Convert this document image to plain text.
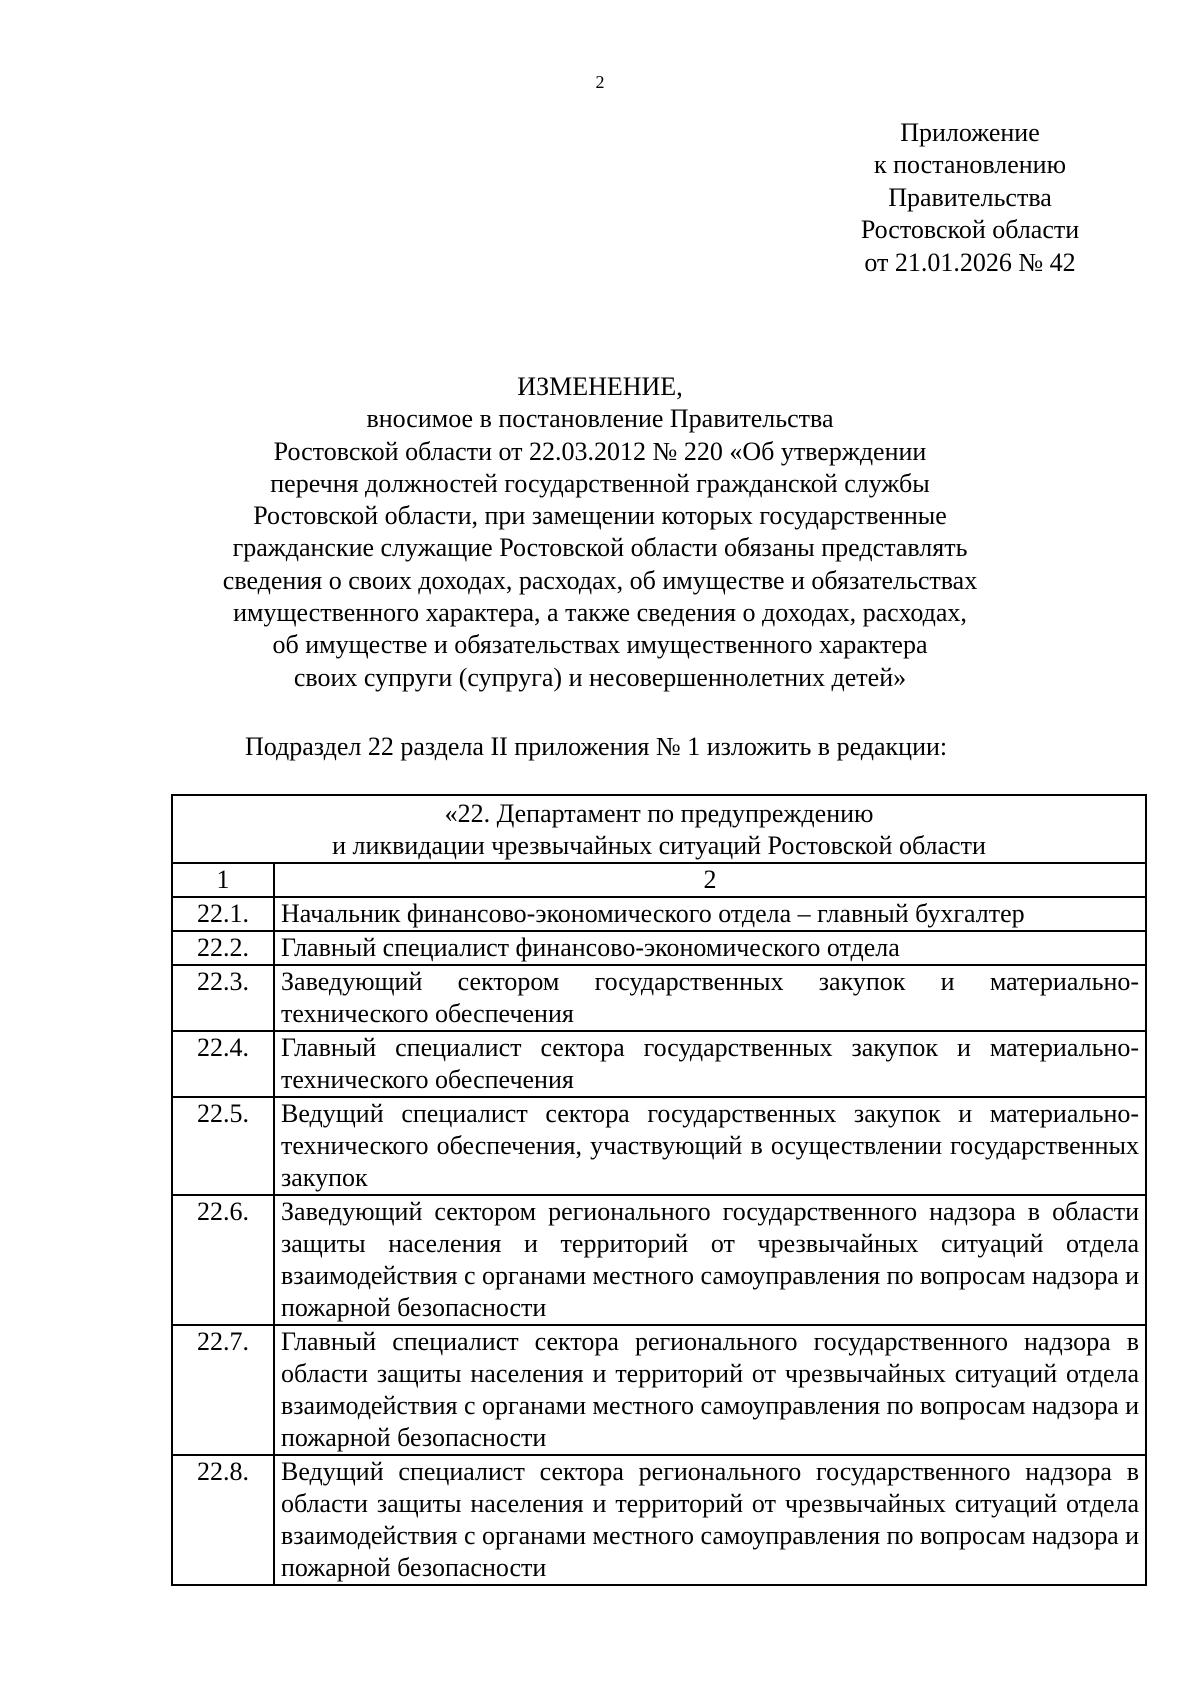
2
Приложение
к постановлению
Правительства
Ростовской области
от 21.01.2026 № 42
ИЗМЕНЕНИЕ,
вносимое в постановление Правительства
Ростовской области от 22.03.2012 № 220 «Об утверждении
перечня должностей государственной гражданской службы
Ростовской области, при замещении которых государственные
гражданские служащие Ростовской области обязаны представлять
сведения о своих доходах, расходах, об имуществе и обязательствах
имущественного характера, а также сведения о доходах, расходах,
об имуществе и обязательствах имущественного характера
своих супруги (супруга) и несовершеннолетних детей»
Подраздел 22 раздела II приложения № 1 изложить в редакции:
«22. Департамент по предупреждению
и ликвидации чрезвычайных ситуаций Ростовской области	

1	2
22.1.	Начальник финансово-экономического отдела – главный бухгалтер
22.2.	Главный специалист финансово-экономического отдела
22.3.	Заведующий сектором государственных закупок и материально-технического обеспечения
22.4.	Главный специалист сектора государственных закупок и материально-технического обеспечения
22.5.	Ведущий специалист сектора государственных закупок и материально-технического обеспечения, участвующий в осуществлении государственных закупок
22.6.	Заведующий сектором регионального государственного надзора в области защиты населения и территорий от чрезвычайных ситуаций отдела взаимодействия с органами местного самоуправления по вопросам надзора и пожарной безопасности
22.7.	Главный специалист сектора регионального государственного надзора в области защиты населения и территорий от чрезвычайных ситуаций отдела взаимодействия с органами местного самоуправления по вопросам надзора и пожарной безопасности
22.8.	Ведущий специалист сектора регионального государственного надзора в области защиты населения и территорий от чрезвычайных ситуаций отдела взаимодействия с органами местного самоуправления по вопросам надзора и пожарной безопасности
